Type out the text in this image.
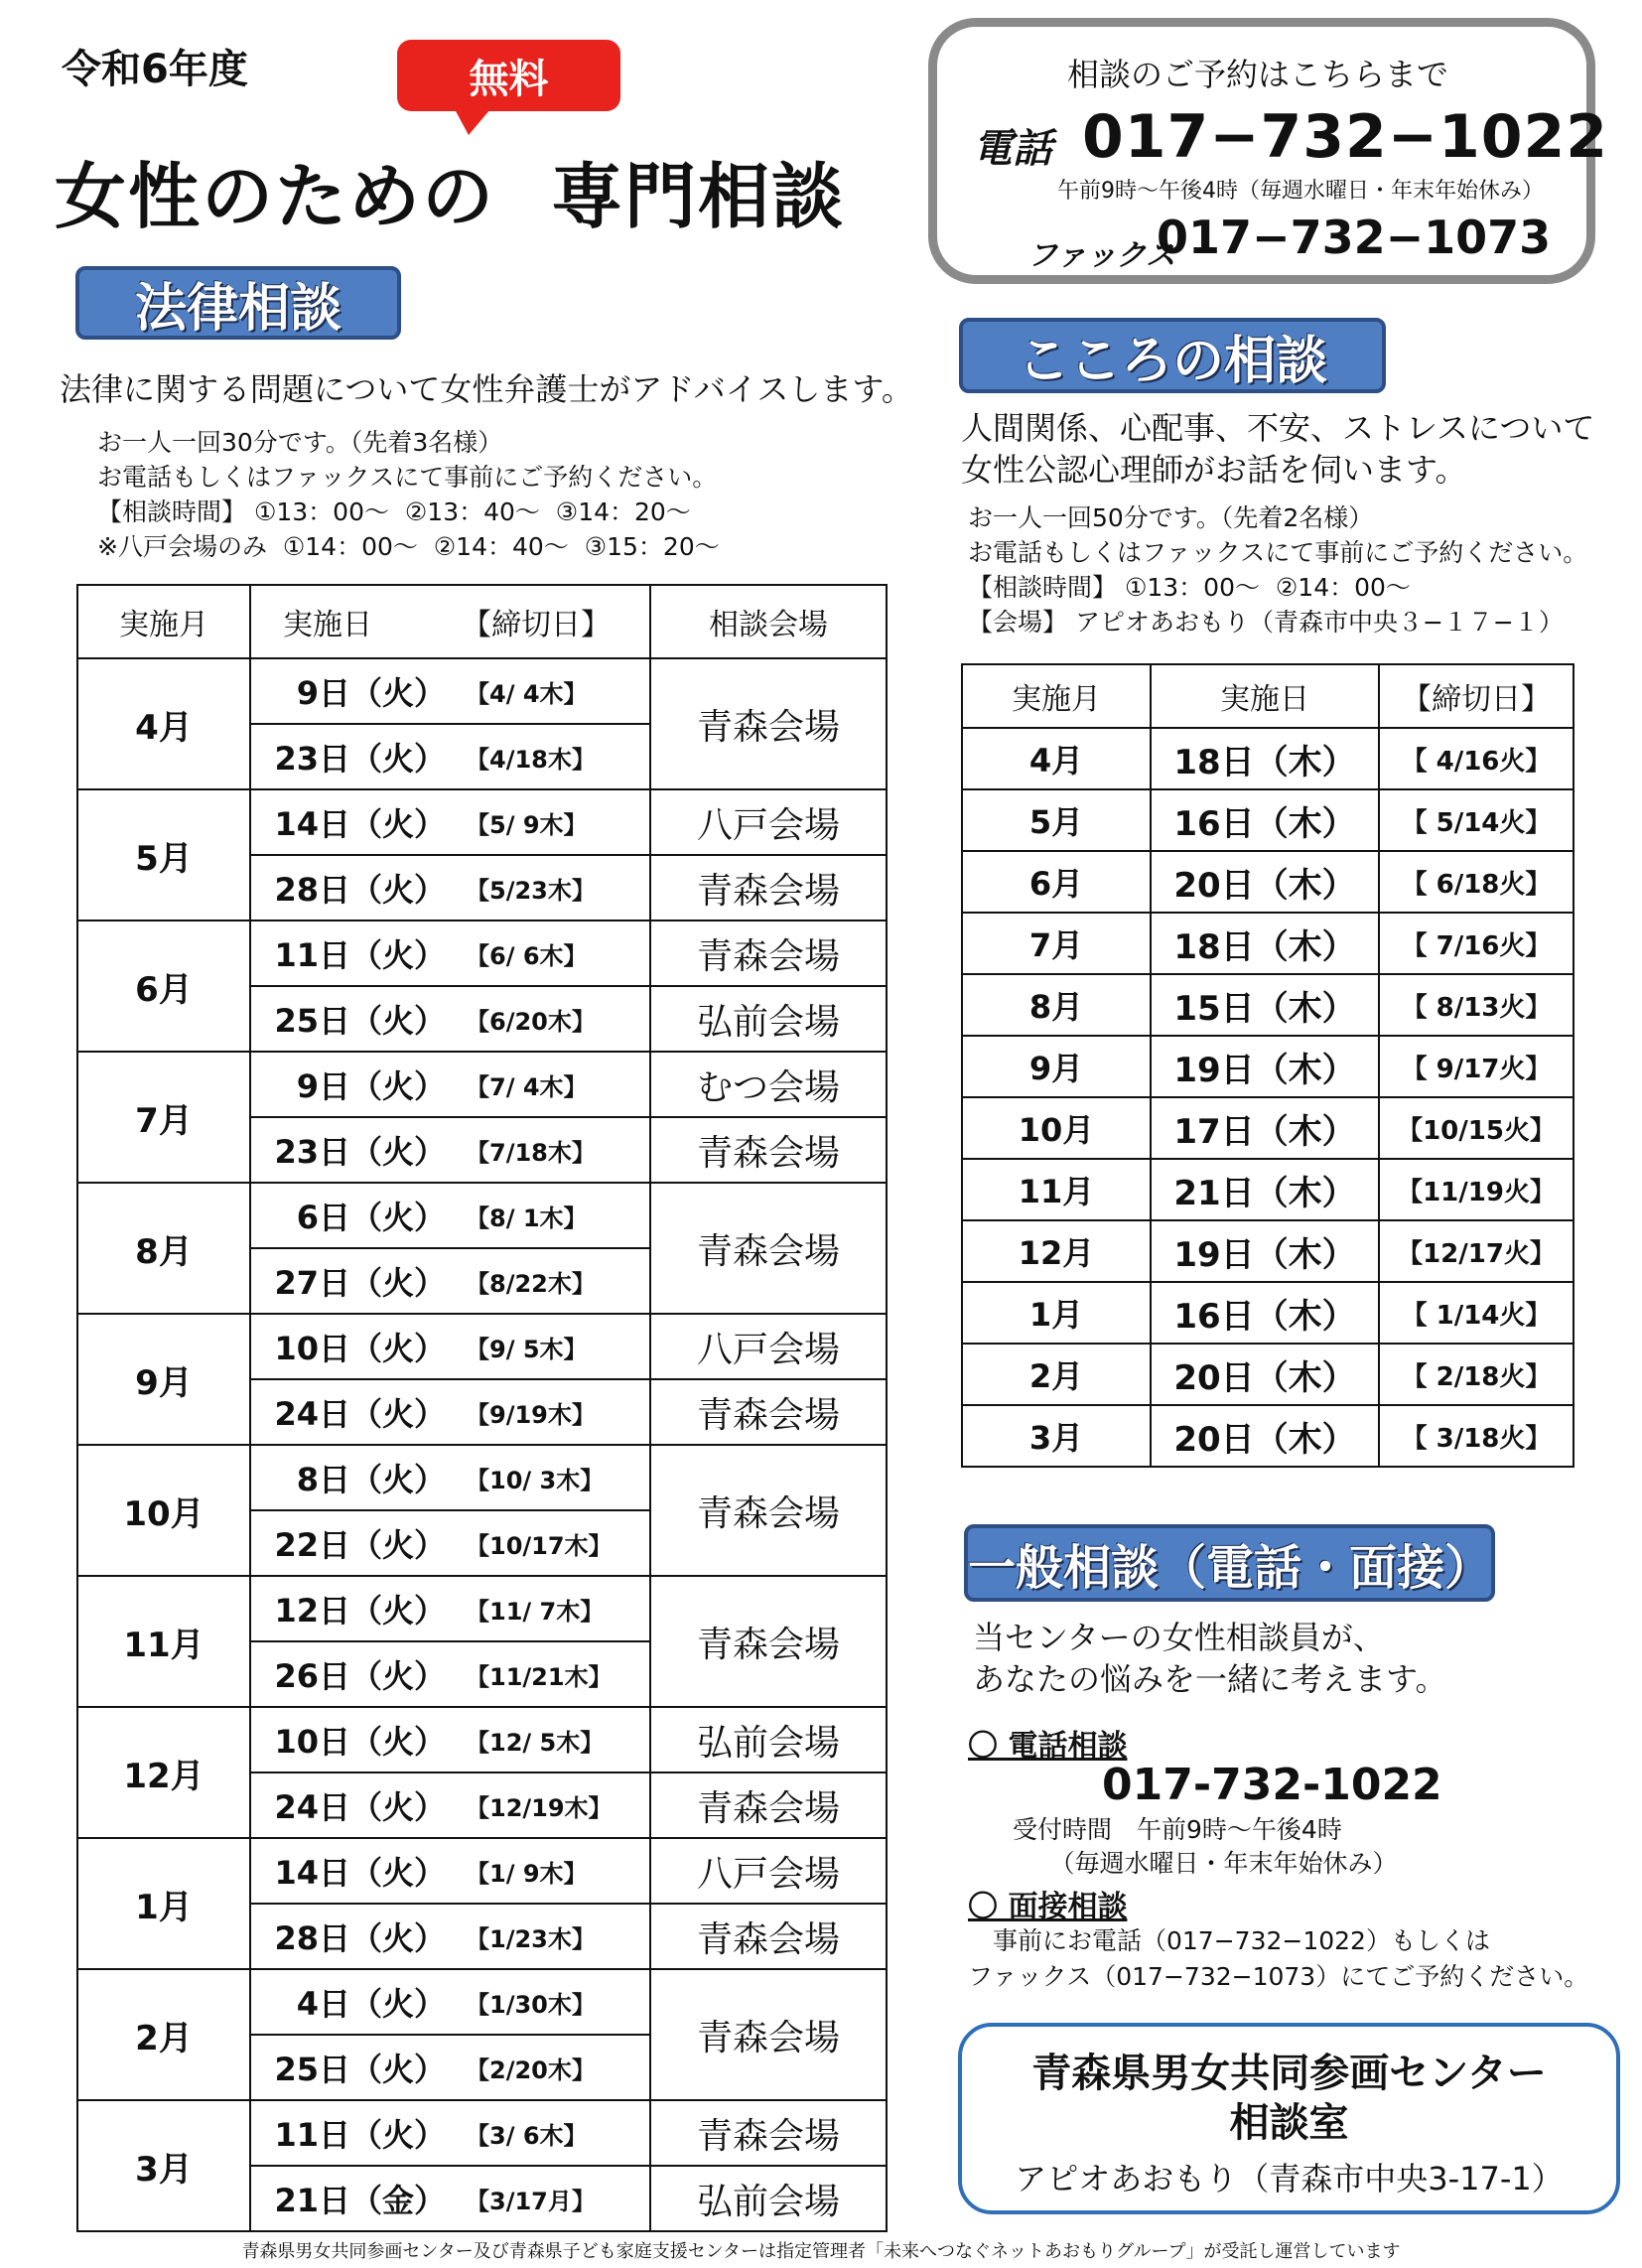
令和6年度	無料
女性のための 専門相談
相談のご予約はこちらまで
電話 017−732−1022
午前9時〜午後4時（毎週水曜日・年末年始休み）
ファックス
017−732−1073
法律相談
法律に関する問題について女性弁護士がアドバイスします。
お一人一回30分です。（先着3名様）
お電話もしくはファックスにて事前にご予約ください。
【相談時間】 ①13：00〜  ②13：40〜  ③14：20〜
※八戸会場のみ  ①14：00〜  ②14：40〜  ③15：20〜
実施月	実施日	【締切日】	相談会場
4月	9日（火）	【4/ 4木】	青森会場
	23日（火）	【4/18木】	
5月	14日（火）	【5/ 9木】	八戸会場
	28日（火）	【5/23木】	青森会場
6月	11日（火）	【6/ 6木】	青森会場
	25日（火）	【6/20木】	弘前会場
7月	9日（火）	【7/ 4木】	むつ会場
	23日（火）	【7/18木】	青森会場
8月	6日（火）	【8/ 1木】	青森会場
	27日（火）	【8/22木】	
9月	10日（火）	【9/ 5木】	八戸会場
	24日（火）	【9/19木】	青森会場
10月	8日（火）	【10/ 3木】	青森会場
	22日（火）	【10/17木】	
11月	12日（火）	【11/ 7木】	青森会場
	26日（火）	【11/21木】	
12月	10日（火）	【12/ 5木】	弘前会場
	24日（火）	【12/19木】	青森会場
1月	14日（火）	【1/ 9木】	八戸会場
	28日（火）	【1/23木】	青森会場
2月	4日（火）	【1/30木】	青森会場
	25日（火）	【2/20木】	
3月	11日（火）	【3/ 6木】	青森会場
	21日（金）	【3/17月】	弘前会場
こころの相談
人間関係、心配事、不安、ストレスについて
女性公認心理師がお話を伺います。
お一人一回50分です。（先着2名様）
お電話もしくはファックスにて事前にご予約ください。
【相談時間】 ①13：00〜  ②14：00〜
【会場】 アピオあおもり（青森市中央３−１７−１）
実施月	実施日	【締切日】
4月	18日（木）	【 4/16火】
5月	16日（木）	【 5/14火】
6月	20日（木）	【 6/18火】
7月	18日（木）	【 7/16火】
8月	15日（木）	【 8/13火】
9月	19日（木）	【 9/17火】
10月	17日（木）	【10/15火】
11月	21日（木）	【11/19火】
12月	19日（木）	【12/17火】
1月	16日（木）	【 1/14火】
2月	20日（木）	【 2/18火】
3月	20日（木）	【 3/18火】
一般相談（電話・面接）
当センターの女性相談員が、
あなたの悩みを一緒に考えます。
〇 電話相談
017-732-1022
受付時間　午前9時〜午後4時
　　（毎週水曜日・年末年始休み）
〇 面接相談
　事前にお電話（017−732−1022）もしくは
ファックス（017−732−1073）にてご予約ください。
青森県男女共同参画センター
相談室
アピオあおもり（青森市中央3-17-1）
青森県男女共同参画センター及び青森県子ども家庭支援センターは指定管理者「未来へつなぐネットあおもりグループ」が受託し運営しています
